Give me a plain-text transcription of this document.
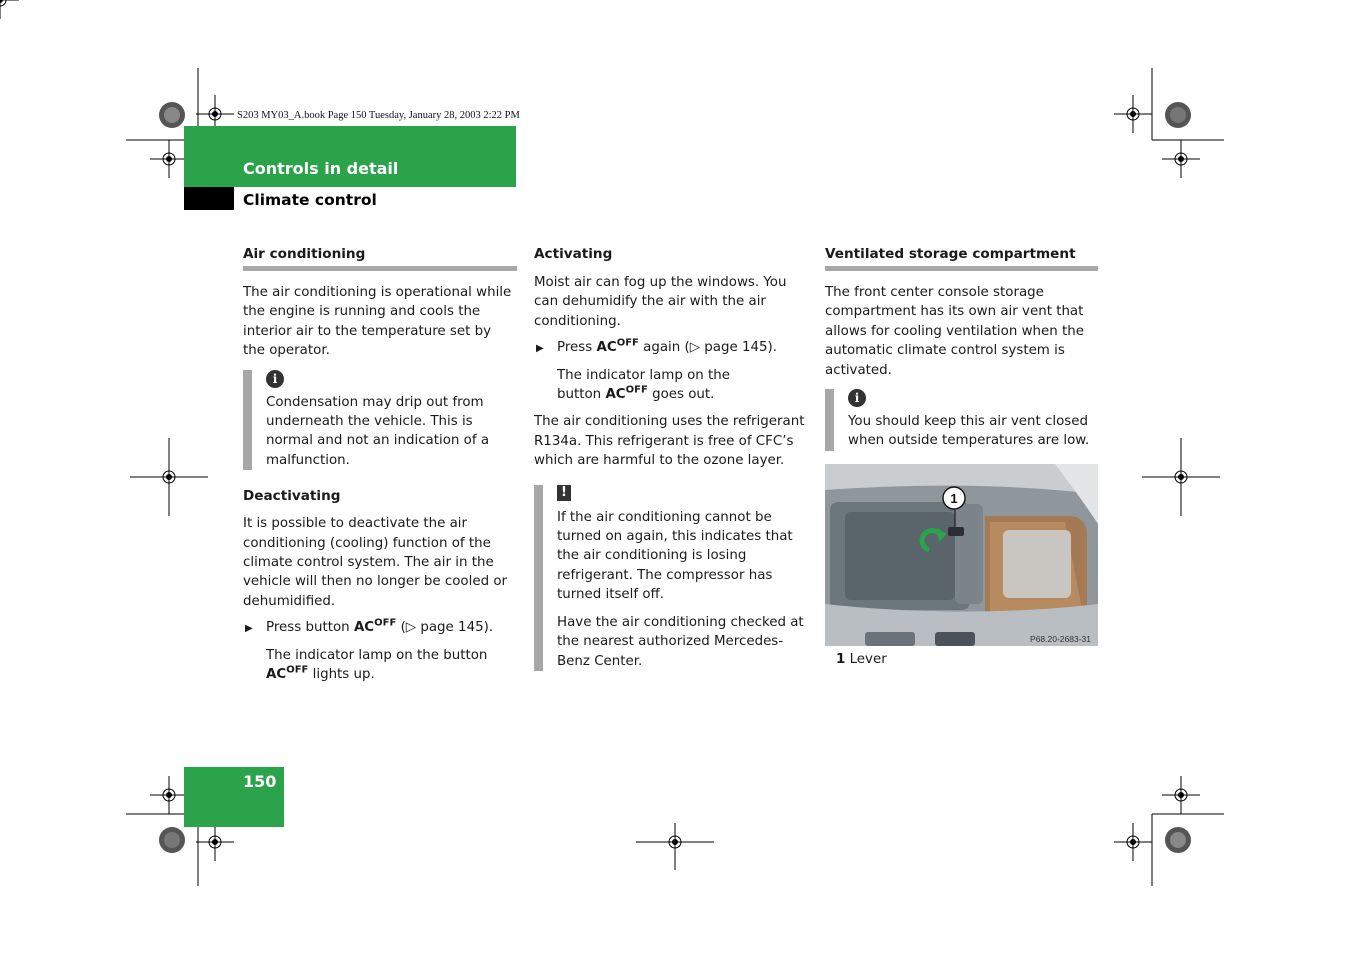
S203 MY03_A.book Page 150 Tuesday, January 28, 2003 2:22 PM
Controls in detail
Climate control
Air conditioning

The air conditioning is operational while the engine is running and cools the interior air to the temperature set by the operator.

i

Condensation may drip out from underneath the vehicle. This is normal and not an indication of a malfunction.

Deactivating

It is possible to deactivate the air conditioning (cooling) function of the climate control system. The air in the vehicle will then no longer be cooled or dehumidified.

▶ Press button $AC^{OFF}$ (▷ page 145).

The indicator lamp on the button $AC^{OFF}$ lights up.

Activating

Moist air can fog up the windows. You can dehumidify the air with the air conditioning.

▶ Press $AC^{OFF}$ again (▷ page 145).

The indicator lamp on the button $AC^{OFF}$ goes out.

The air conditioning uses the refrigerant R134a. This refrigerant is free of CFC’s which are harmful to the ozone layer.

!

If the air conditioning cannot be turned on again, this indicates that the air conditioning is losing refrigerant. The compressor has turned itself off.

Have the air conditioning checked at the nearest authorized Mercedes-Benz Center.

Ventilated storage compartment

The front center console storage compartment has its own air vent that allows for cooling ventilation when the automatic climate control system is activated.

i

You should keep this air vent closed when outside temperatures are low.

1
P68.20-2683-31
1 Lever
150
